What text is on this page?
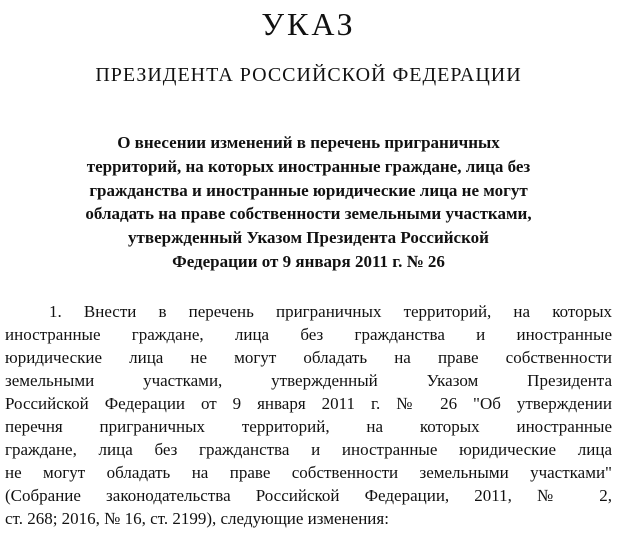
УКАЗ
ПРЕЗИДЕНТА РОССИЙСКОЙ ФЕДЕРАЦИИ
О внесении изменений в перечень приграничных
территорий, на которых иностранные граждане, лица без
гражданства и иностранные юридические лица не могут
обладать на праве собственности земельными участками,
утвержденный Указом Президента Российской
Федерации от 9 января 2011 г. № 26
1. Внести в перечень приграничных территорий, на которых
иностранные граждане, лица без гражданства и иностранные
юридические лица не могут обладать на праве собственности
земельными участками, утвержденный Указом Президента
Российской Федерации от 9 января 2011 г. № 26 "Об утверждении
перечня приграничных территорий, на которых иностранные
граждане, лица без гражданства и иностранные юридические лица
не могут обладать на праве собственности земельными участками"
(Собрание законодательства Российской Федерации, 2011, № 2,
ст. 268; 2016, № 16, ст. 2199), следующие изменения:
